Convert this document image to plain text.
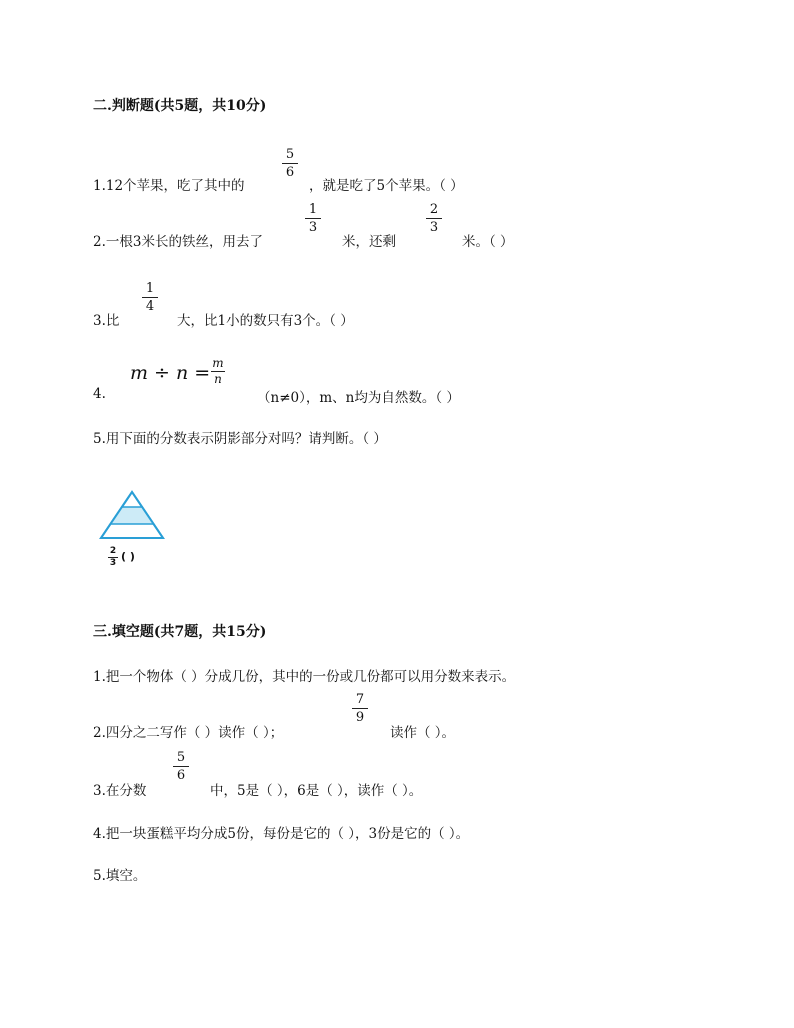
二.判断题(共5题，共10分)
1.12个苹果，吃了其中的
5
6
，就是吃了5个苹果。（ ）
2.一根3米长的铁丝，用去了
1
3
米，还剩
2
3
米。（ ）
3.比
1
4
大，比1小的数只有3个。（ ）
4.
m ÷ n = m
n
（n≠0），m、n均为自然数。（ ）
5.用下面的分数表示阴影部分对吗？请判断。（ ）
2
3 ( )
三.填空题(共7题，共15分)
1.把一个物体（ ）分成几份，其中的一份或几份都可以用分数来表示。
2.四分之二写作（ ）读作（ ）；
7
9
读作（ ）。
3.在分数
5
6
中，5是（ ），6是（ ），读作（ ）。
4.把一块蛋糕平均分成5份，每份是它的（ ），3份是它的（ ）。
5.填空。
